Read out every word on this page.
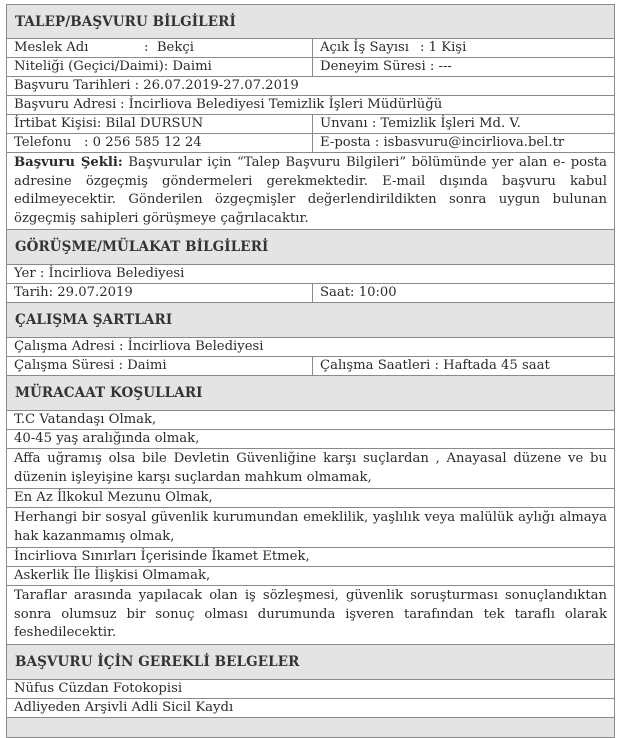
TALEP/BAŞVURU BİLGİLERİ
Meslek Adı	: Bekçi	Açık İş Sayısı : 1 Kişi
Niteliği (Geçici/Daimi): Daimi	Deneyim Süresi : ---
Başvuru Tarihleri : 26.07.2019-27.07.2019
Başvuru Adresi : İncirliova Belediyesi Temizlik İşleri Müdürlüğü
İrtibat Kişisi: Bilal DURSUN	Unvanı : Temizlik İşleri Md. V.
Telefonu : 0 256 585 12 24	E-posta : isbasvuru@incirliova.bel.tr
Başvuru Şekli: Başvurular için “Talep Başvuru Bilgileri” bölümünde yer alan e- posta adresine özgeçmiş göndermeleri gerekmektedir. E-mail dışında başvuru kabul edilmeyecektir. Gönderilen özgeçmişler değerlendirildikten sonra uygun bulunan özgeçmiş sahipleri görüşmeye çağrılacaktır.
GÖRÜŞME/MÜLAKAT BİLGİLERİ
Yer : İncirliova Belediyesi
Tarih: 29.07.2019	Saat: 10:00
ÇALIŞMA ŞARTLARI
Çalışma Adresi : İncirliova Belediyesi
Çalışma Süresi : Daimi	Çalışma Saatleri : Haftada 45 saat
MÜRACAAT KOŞULLARI
T.C Vatandaşı Olmak,
40-45 yaş aralığında olmak,
Affa uğramış olsa bile Devletin Güvenliğine karşı suçlardan , Anayasal düzene ve bu düzenin işleyişine karşı suçlardan mahkum olmamak,
En Az İlkokul Mezunu Olmak,
Herhangi bir sosyal güvenlik kurumundan emeklilik, yaşlılık veya malülük aylığı almaya hak kazanmamış olmak,
İncirliova Sınırları İçerisinde İkamet Etmek,
Askerlik İle İlişkisi Olmamak,
Taraflar arasında yapılacak olan iş sözleşmesi, güvenlik soruşturması sonuçlandıktan sonra olumsuz bir sonuç olması durumunda işveren tarafından tek taraflı olarak feshedilecektir.
BAŞVURU İÇİN GEREKLİ BELGELER
Nüfus Cüzdan Fotokopisi
Adliyeden Arşivli Adli Sicil Kaydı
